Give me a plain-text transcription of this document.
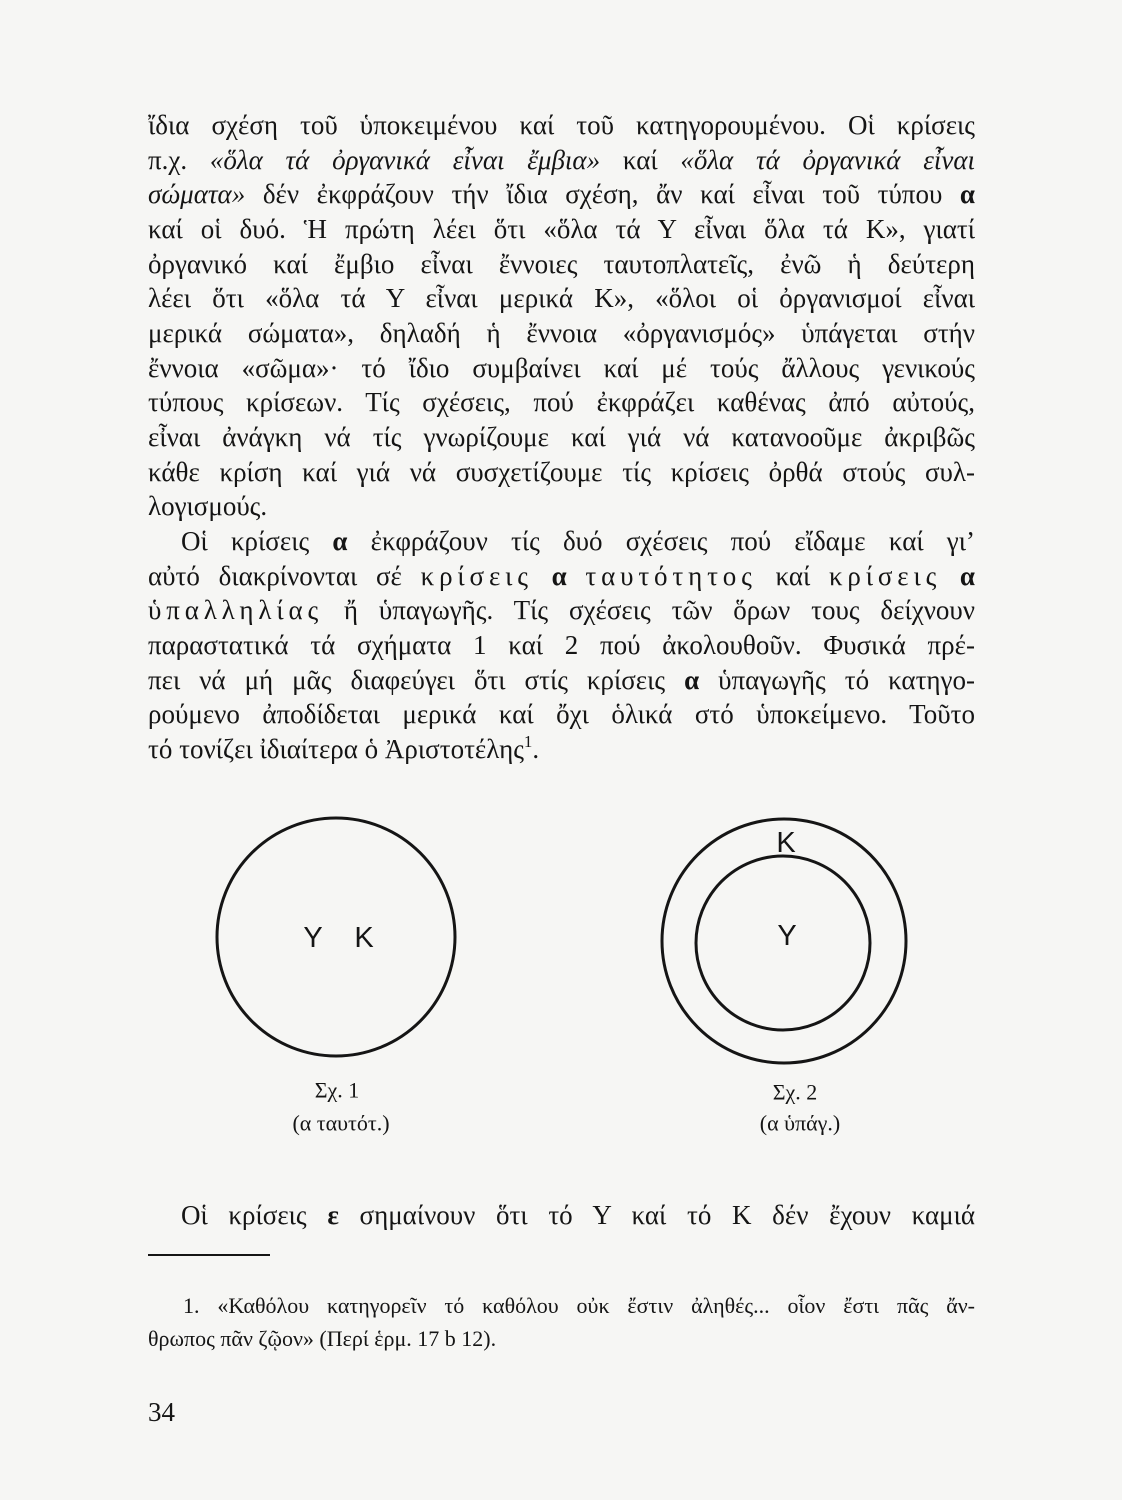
ἴδια σχέση τοῦ ὑποκειμένου καί τοῦ κατηγορουμένου. Οἱ κρίσεις
π.χ. «ὅλα τά ὀργανικά εἶναι ἔμβια» καί «ὅλα τά ὀργανικά εἶναι
σώματα» δέν ἐκφράζουν τήν ἴδια σχέση, ἄν καί εἶναι τοῦ τύπου α
καί οἱ δυό. Ἡ πρώτη λέει ὅτι «ὅλα τά Υ εἶναι ὅλα τά Κ», γιατί
ὀργανικό καί ἔμβιο εἶναι ἔννοιες ταυτοπλατεῖς, ἐνῶ ἡ δεύτερη
λέει ὅτι «ὅλα τά Υ εἶναι μερικά Κ», «ὅλοι οἱ ὀργανισμοί εἶναι
μερικά σώματα», δηλαδή ἡ ἔννοια «ὀργανισμός» ὑπάγεται στήν
ἔννοια «σῶμα»· τό ἴδιο συμβαίνει καί μέ τούς ἄλλους γενικούς
τύπους κρίσεων. Τίς σχέσεις, πού ἐκφράζει καθένας ἀπό αὐτούς,
εἶναι ἀνάγκη νά τίς γνωρίζουμε καί γιά νά κατανοοῦμε ἀκριβῶς
κάθε κρίση καί γιά νά συσχετίζουμε τίς κρίσεις ὀρθά στούς συλ-
λογισμούς.
Οἱ κρίσεις α ἐκφράζουν τίς δυό σχέσεις πού εἴδαμε καί γι’
αὐτό διακρίνονται σέ κρίσεις α ταυτότητος καί κρίσεις α
ὑπαλληλίας ἤ ὑπαγωγῆς. Τίς σχέσεις τῶν ὅρων τους δείχνουν
παραστατικά τά σχήματα 1 καί 2 πού ἀκολουθοῦν. Φυσικά πρέ-
πει νά μή μᾶς διαφεύγει ὅτι στίς κρίσεις α ὑπαγωγῆς τό κατηγο-
ρούμενο ἀποδίδεται μερικά καί ὄχι ὁλικά στό ὑποκείμενο. Τοῦτο
τό τονίζει ἰδιαίτερα ὁ Ἀριστοτέλης$^1$.
Υ Κ
Σχ. 1
(α ταυτότ.)
Κ
Υ
Σχ. 2
(α ὑπάγ.)
Οἱ κρίσεις ε σημαίνουν ὅτι τό Υ καί τό Κ δέν ἔχουν καμιά
1. «Καθόλου κατηγορεῖν τό καθόλου οὐκ ἔστιν ἀληθές... οἷον ἔστι πᾶς ἄν-
θρωπος πᾶν ζῷον» (Περί ἑρμ. 17 b 12).
34
